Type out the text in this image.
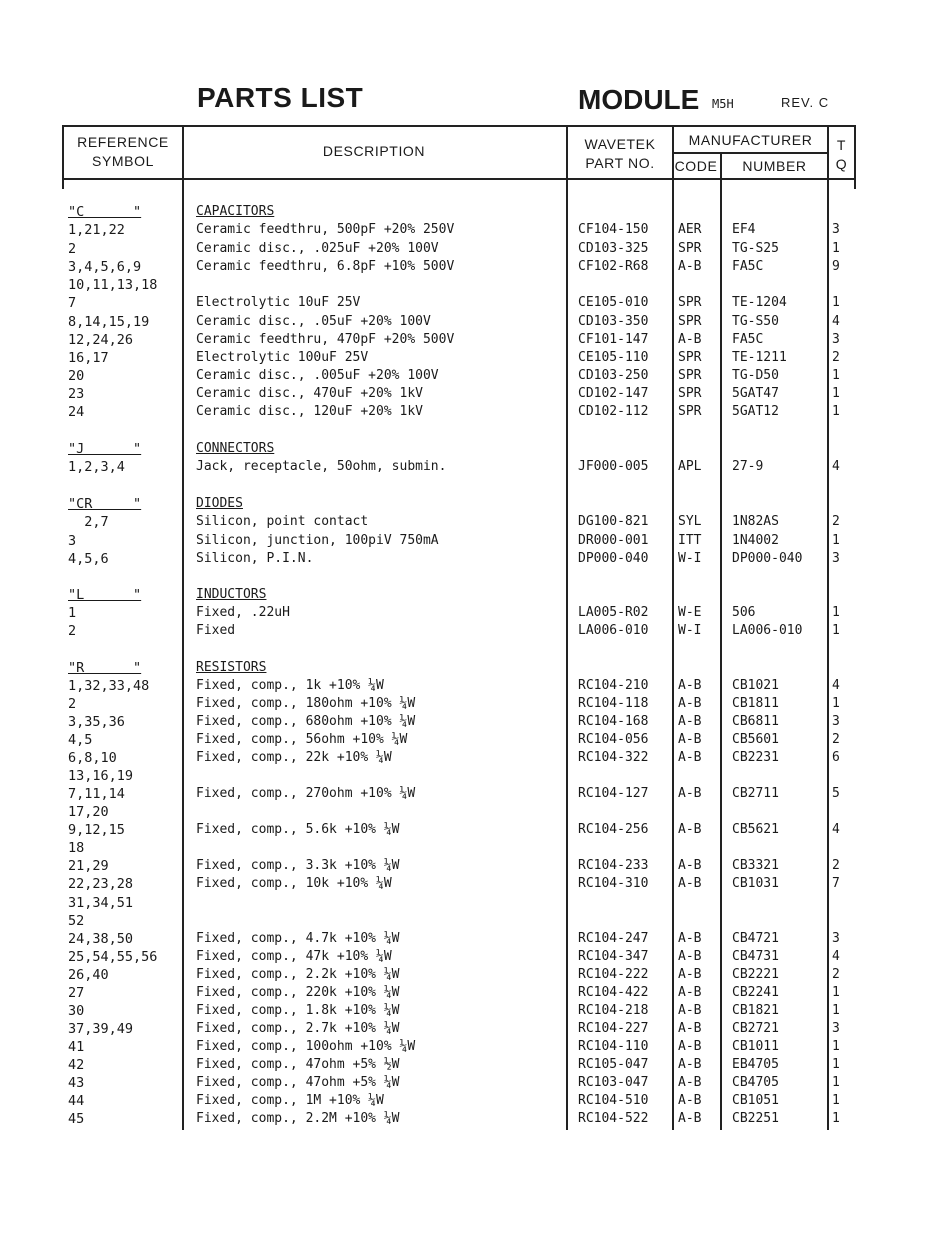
PARTS LIST	MODULE M5H	REV. C
REFERENCE
SYMBOL
DESCRIPTION	WAVETEK
PART NO.
MANUFACTURER
CODE	NUMBER
T
Q
"C      "	CAPACITORS
1,21,22	Ceramic feedthru, 500pF +20% 250V	CF104-150 AER EF4	3
2	Ceramic disc., .025uF +20% 100V	CD103-325 SPR TG-S25	1
3,4,5,6,9	Ceramic feedthru, 6.8pF +10% 500V	CF102-R68 A-B FA5C	9
10,11,13,18
7	Electrolytic 10uF 25V	CE105-010 SPR TE-1204	1
8,14,15,19	Ceramic disc., .05uF +20% 100V	CD103-350 SPR TG-S50	4
12,24,26	Ceramic feedthru, 470pF +20% 500V	CF101-147 A-B FA5C	3
16,17	Electrolytic 100uF 25V	CE105-110 SPR TE-1211	2
20	Ceramic disc., .005uF +20% 100V	CD103-250 SPR TG-D50	1
23	Ceramic disc., 470uF +20% 1kV	CD102-147 SPR 5GAT47	1
24	Ceramic disc., 120uF +20% 1kV	CD102-112 SPR 5GAT12	1
"J      "	CONNECTORS
1,2,3,4	Jack, receptacle, 50ohm, submin.	JF000-005 APL 27-9	4
"CR     "	DIODES
2,7	Silicon, point contact	DG100-821 SYL 1N82AS	2
3	Silicon, junction, 100piV 750mA	DR000-001 ITT 1N4002	1
4,5,6	Silicon, P.I.N.	DP000-040 W-I DP000-040 3
"L      "	INDUCTORS
1	Fixed, .22uH	LA005-R02 W-E 506	1
2	Fixed	LA006-010 W-I LA006-010 1
"R      "	RESISTORS
1,32,33,48	Fixed, comp., 1k +10% ¼W	RC104-210 A-B CB1021	4
2	Fixed, comp., 180ohm +10% ¼W	RC104-118 A-B CB1811	1
3,35,36	Fixed, comp., 680ohm +10% ¼W	RC104-168 A-B CB6811	3
4,5	Fixed, comp., 56ohm +10% ¼W	RC104-056 A-B CB5601	2
6,8,10	Fixed, comp., 22k +10% ¼W	RC104-322 A-B CB2231	6
13,16,19
7,11,14	Fixed, comp., 270ohm +10% ¼W	RC104-127 A-B CB2711	5
17,20
9,12,15	Fixed, comp., 5.6k +10% ¼W	RC104-256 A-B CB5621	4
18
21,29	Fixed, comp., 3.3k +10% ¼W	RC104-233 A-B CB3321	2
22,23,28	Fixed, comp., 10k +10% ¼W	RC104-310 A-B CB1031	7
31,34,51
52
24,38,50	Fixed, comp., 4.7k +10% ¼W	RC104-247 A-B CB4721	3
25,54,55,56	Fixed, comp., 47k +10% ¼W	RC104-347 A-B CB4731	4
26,40	Fixed, comp., 2.2k +10% ¼W	RC104-222 A-B CB2221	2
27	Fixed, comp., 220k +10% ¼W	RC104-422 A-B CB2241	1
30	Fixed, comp., 1.8k +10% ¼W	RC104-218 A-B CB1821	1
37,39,49	Fixed, comp., 2.7k +10% ¼W	RC104-227 A-B CB2721	3
41	Fixed, comp., 100ohm +10% ¼W	RC104-110 A-B CB1011	1
42	Fixed, comp., 47ohm +5% ½W	RC105-047 A-B EB4705	1
43	Fixed, comp., 47ohm +5% ¼W	RC103-047 A-B CB4705	1
44	Fixed, comp., 1M +10% ¼W	RC104-510 A-B CB1051	1
45	Fixed, comp., 2.2M +10% ¼W	RC104-522 A-B CB2251	1
